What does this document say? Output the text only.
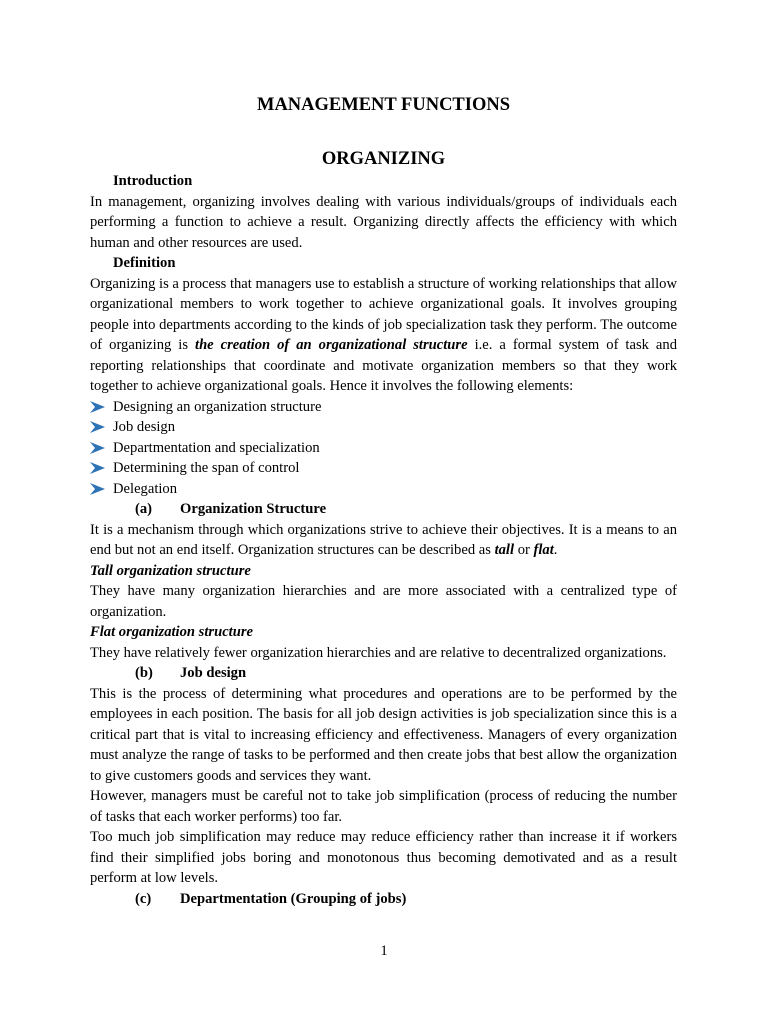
MANAGEMENT FUNCTIONS
ORGANIZING
Introduction

In management, organizing involves dealing with various individuals/groups of individuals each performing a function to achieve a result. Organizing directly affects the efficiency with which human and other resources are used.

Definition

Organizing is a process that managers use to establish a structure of working relationships that allow organizational members to work together to achieve organizational goals. It involves grouping people into departments according to the kinds of job specialization task they perform. The outcome of organizing is the creation of an organizational structure i.e. a formal system of task and reporting relationships that coordinate and motivate organization members so that they work together to achieve organizational goals. Hence it involves the following elements:

Designing an organization structure
Job design
Departmentation and specialization
Determining the span of control
Delegation
(a)	Organization Structure

It is a mechanism through which organizations strive to achieve their objectives. It is a means to an end but not an end itself. Organization structures can be described as tall or flat.

Tall organization structure

They have many organization hierarchies and are more associated with a centralized type of organization.

Flat organization structure

They have relatively fewer organization hierarchies and are relative to decentralized organizations.

(b)	Job design

This is the process of determining what procedures and operations are to be performed by the employees in each position. The basis for all job design activities is job specialization since this is a critical part that is vital to increasing efficiency and effectiveness. Managers of every organization must analyze the range of tasks to be performed and then create jobs that best allow the organization to give customers goods and services they want.

However, managers must be careful not to take job simplification (process of reducing the number of tasks that each worker performs) too far.

Too much job simplification may reduce may reduce efficiency rather than increase it if workers find their simplified jobs boring and monotonous thus becoming demotivated and as a result perform at low levels.

(c)	Departmentation (Grouping of jobs)
1
